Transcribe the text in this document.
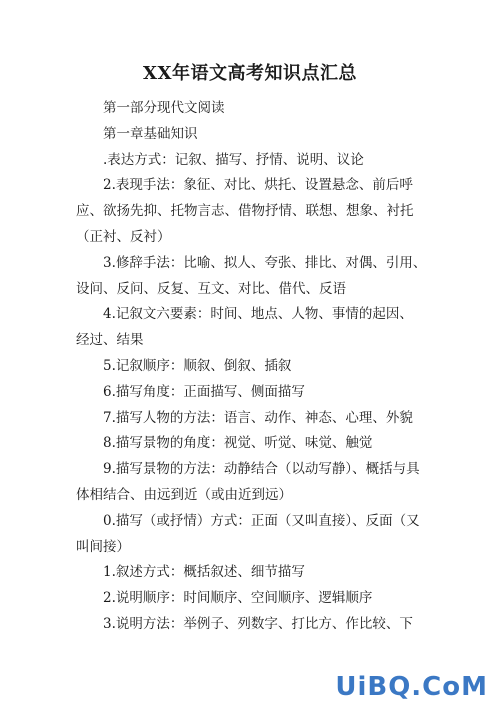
XX年语文高考知识点汇总
第一部分现代文阅读
第一章基础知识
.表达方式：记叙、描写、抒情、说明、议论
2.表现手法：象征、对比、烘托、设置悬念、前后呼
应、欲扬先抑、托物言志、借物抒情、联想、想象、衬托
（正衬、反衬）
3.修辞手法：比喻、拟人、夸张、排比、对偶、引用、
设问、反问、反复、互文、对比、借代、反语
4.记叙文六要素：时间、地点、人物、事情的起因、
经过、结果
5.记叙顺序：顺叙、倒叙、插叙
6.描写角度：正面描写、侧面描写
7.描写人物的方法：语言、动作、神态、心理、外貌
8.描写景物的角度：视觉、听觉、味觉、触觉
9.描写景物的方法：动静结合（以动写静）、概括与具
体相结合、由远到近（或由近到远）
0.描写（或抒情）方式：正面（又叫直接）、反面（又
叫间接）
1.叙述方式：概括叙述、细节描写
2.说明顺序：时间顺序、空间顺序、逻辑顺序
3.说明方法：举例子、列数字、打比方、作比较、下
UiBQ.CoM
